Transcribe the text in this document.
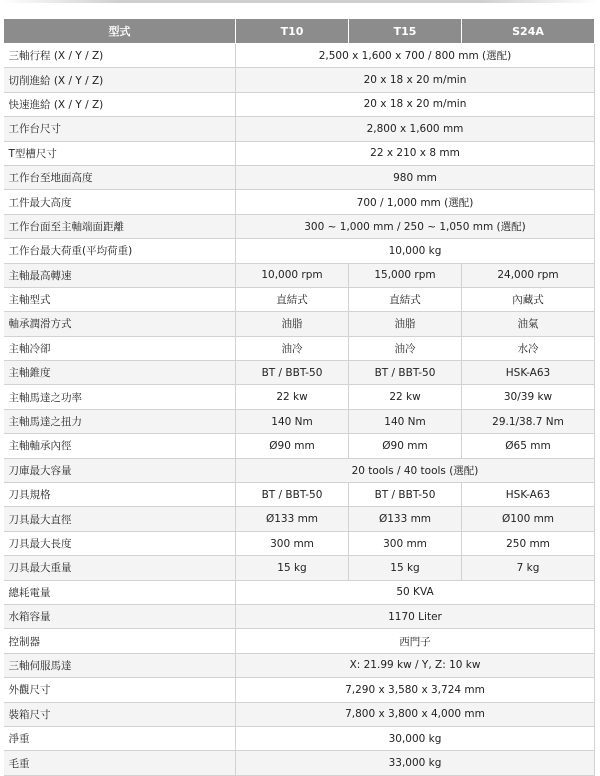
型式	T10	T15	S24A
三軸行程 (X / Y / Z)	2,500 x 1,600 x 700 / 800 mm (選配)		
切削進給 (X / Y / Z)	20 x 18 x 20 m/min		
快速進給 (X / Y / Z)	20 x 18 x 20 m/min		
工作台尺寸	2,800 x 1,600 mm		
T型槽尺寸	22 x 210 x 8 mm		
工作台至地面高度	980 mm		
工件最大高度	700 / 1,000 mm (選配)		
工作台面至主軸端面距離	300 ~ 1,000 mm / 250 ~ 1,050 mm (選配)		
工作台最大荷重(平均荷重)	10,000 kg		
主軸最高轉速	10,000 rpm	15,000 rpm	24,000 rpm
主軸型式	直結式	直結式	內藏式
軸承潤滑方式	油脂	油脂	油氣
主軸冷卻	油冷	油冷	水冷
主軸錐度	BT / BBT-50	BT / BBT-50	HSK-A63
主軸馬達之功率	22 kw	22 kw	30/39 kw
主軸馬達之扭力	140 Nm	140 Nm	29.1/38.7 Nm
主軸軸承內徑	Ø90 mm	Ø90 mm	Ø65 mm
刀庫最大容量	20 tools / 40 tools (選配)		
刀具規格	BT / BBT-50	BT / BBT-50	HSK-A63
刀具最大直徑	Ø133 mm	Ø133 mm	Ø100 mm
刀具最大長度	300 mm	300 mm	250 mm
刀具最大重量	15 kg	15 kg	7 kg
總耗電量	50 KVA		
水箱容量	1170 Liter		
控制器	西門子		
三軸伺服馬達	X: 21.99 kw / Y, Z: 10 kw		
外觀尺寸	7,290 x 3,580 x 3,724 mm		
裝箱尺寸	7,800 x 3,800 x 4,000 mm		
淨重	30,000 kg		
毛重	33,000 kg		
